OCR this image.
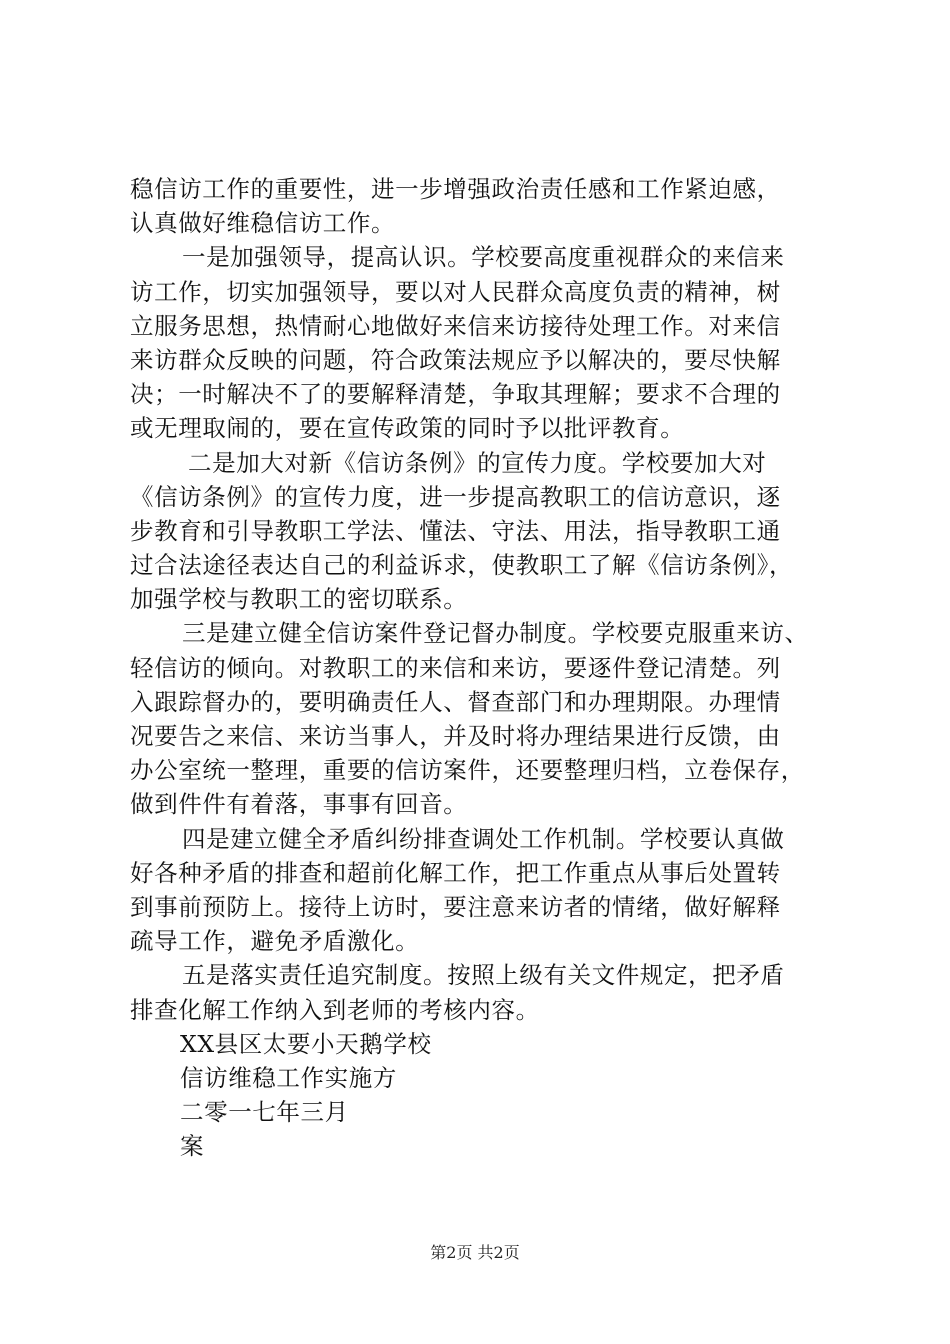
稳信访工作的重要性，进一步增强政治责任感和工作紧迫感，
认真做好维稳信访工作。
一是加强领导，提高认识。学校要高度重视群众的来信来
访工作，切实加强领导，要以对人民群众高度负责的精神，树
立服务思想，热情耐心地做好来信来访接待处理工作。对来信
来访群众反映的问题，符合政策法规应予以解决的，要尽快解
决；一时解决不了的要解释清楚，争取其理解；要求不合理的
或无理取闹的，要在宣传政策的同时予以批评教育。
二是加大对新《信访条例》的宣传力度。学校要加大对
《信访条例》的宣传力度，进一步提高教职工的信访意识，逐
步教育和引导教职工学法、懂法、守法、用法，指导教职工通
过合法途径表达自己的利益诉求，使教职工了解《信访条例》，
加强学校与教职工的密切联系。
三是建立健全信访案件登记督办制度。学校要克服重来访、
轻信访的倾向。对教职工的来信和来访，要逐件登记清楚。列
入跟踪督办的，要明确责任人、督查部门和办理期限。办理情
况要告之来信、来访当事人，并及时将办理结果进行反馈，由
办公室统一整理，重要的信访案件，还要整理归档，立卷保存，
做到件件有着落，事事有回音。
四是建立健全矛盾纠纷排查调处工作机制。学校要认真做
好各种矛盾的排查和超前化解工作，把工作重点从事后处置转
到事前预防上。接待上访时，要注意来访者的情绪，做好解释
疏导工作，避免矛盾激化。
五是落实责任追究制度。按照上级有关文件规定，把矛盾
排查化解工作纳入到老师的考核内容。
XX县区太要小天鹅学校
信访维稳工作实施方
二零一七年三月
案
第2页 共2页
